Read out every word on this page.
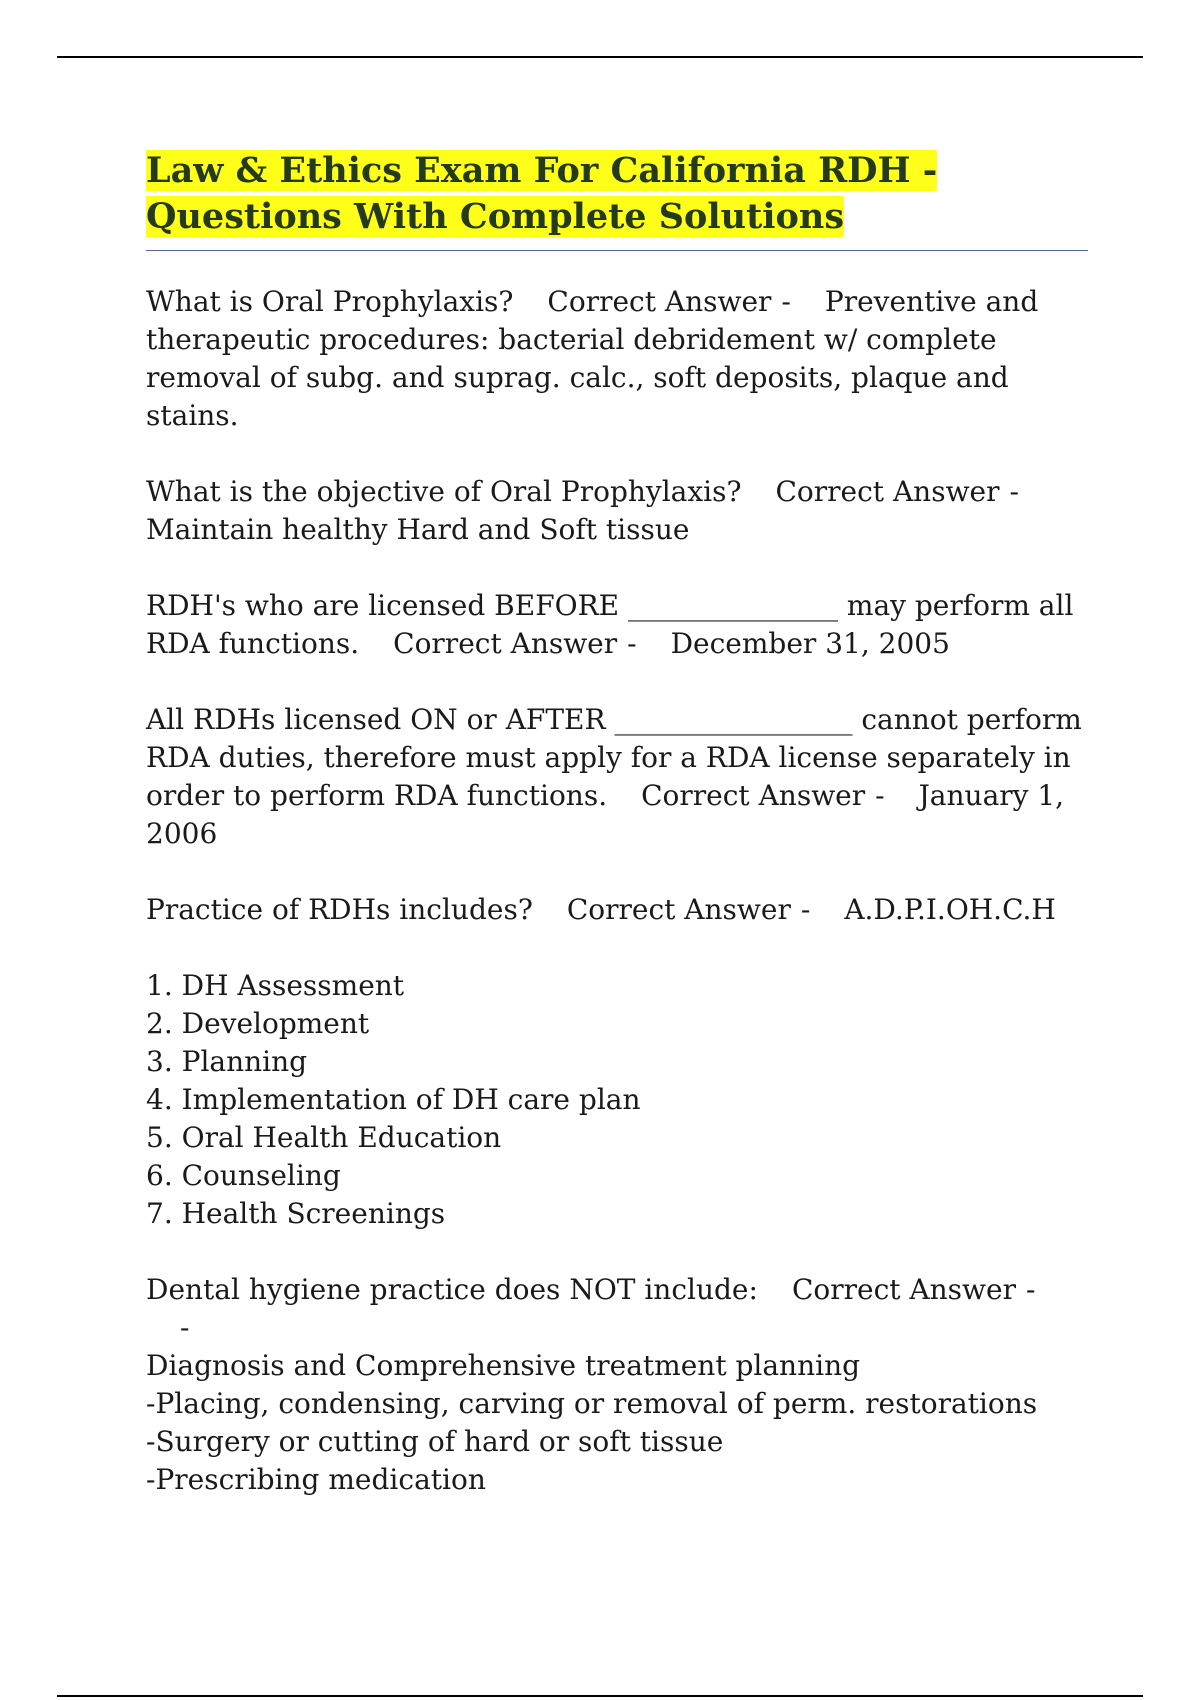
Law & Ethics Exam For California RDH - Questions With Complete Solutions

What is Oral Prophylaxis? Correct Answer - Preventive and therapeutic procedures: bacterial debridement w/ complete removal of subg. and suprag. calc., soft deposits, plaque and stains.

What is the objective of Oral Prophylaxis? Correct Answer -Maintain healthy Hard and Soft tissue

RDH's who are licensed BEFORE _______________ may perform all RDA functions. Correct Answer - December 31, 2005

All RDHs licensed ON or AFTER _________________ cannot perform RDA duties, therefore must apply for a RDA license separately in order to perform RDA functions. Correct Answer - January 1, 2006

Practice of RDHs includes? Correct Answer - A.D.P.I.OH.C.H

1. DH Assessment
2. Development
3. Planning
4. Implementation of DH care plan
5. Oral Health Education
6. Counseling
7. Health Screenings

Dental hygiene practice does NOT include: Correct Answer --
Diagnosis and Comprehensive treatment planning
-Placing, condensing, carving or removal of perm. restorations
-Surgery or cutting of hard or soft tissue
-Prescribing medication
